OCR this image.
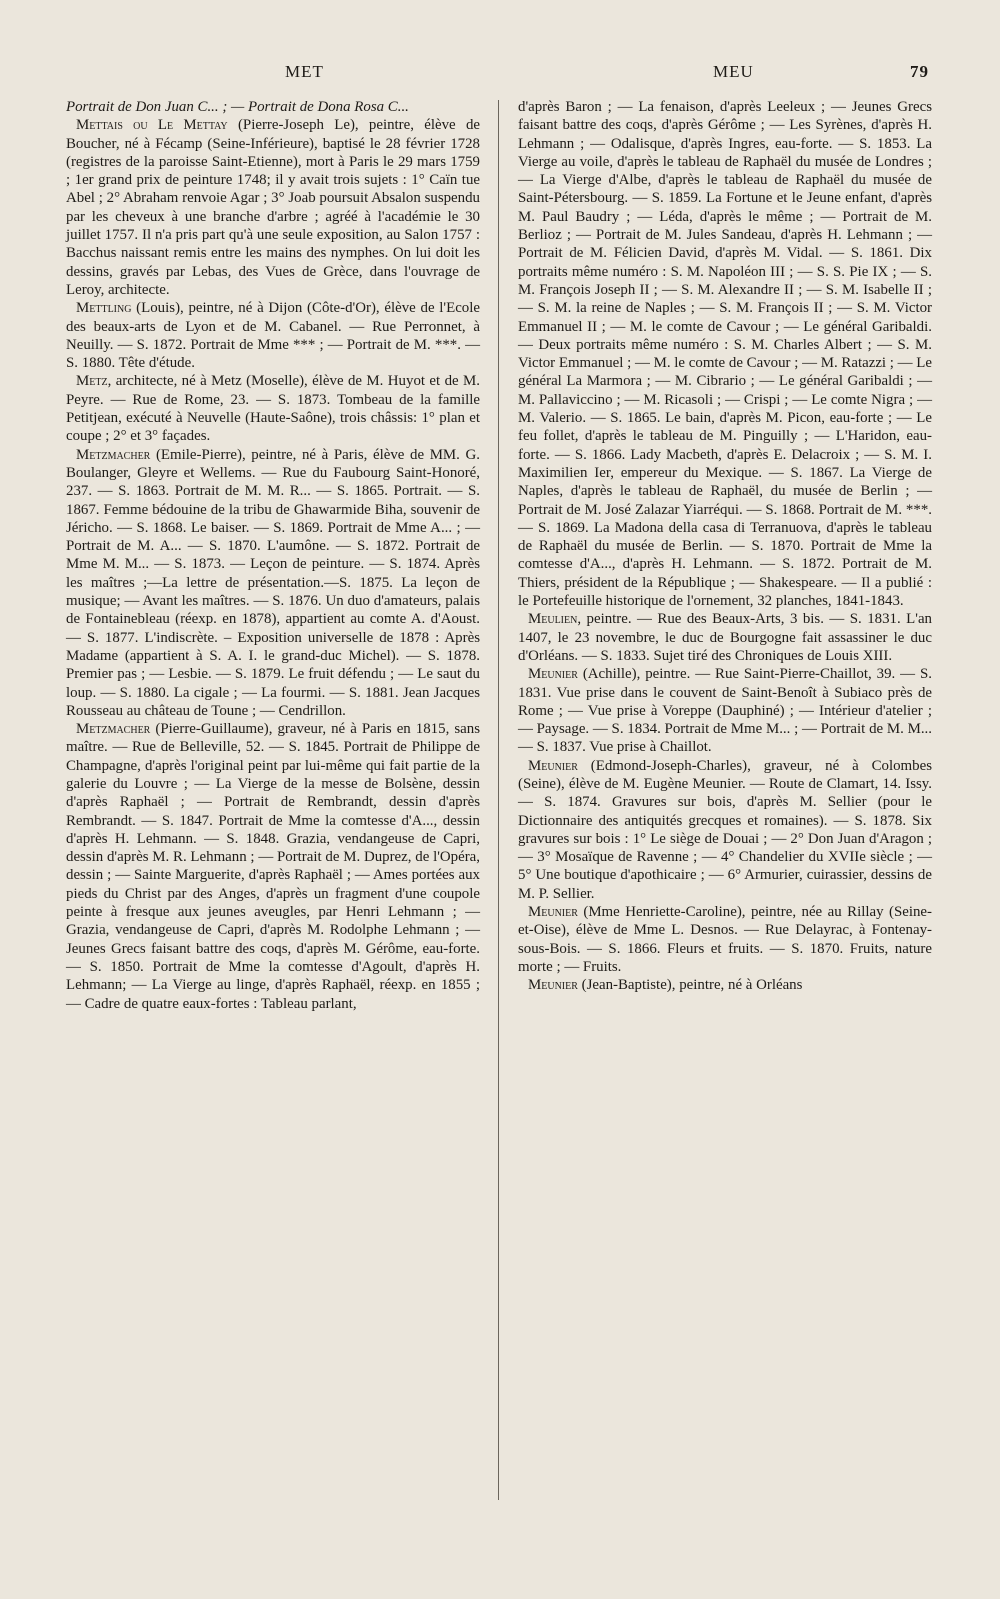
MET	MEU	79

Portrait de Don Juan C... ; — Portrait de Dona Rosa C...

Mettais ou Le Mettay (Pierre-Joseph Le), peintre, élève de Boucher, né à Fécamp (Seine-Inférieure), baptisé le 28 février 1728 (registres de la paroisse Saint-Etienne), mort à Paris le 29 mars 1759 ; 1er grand prix de peinture 1748; il y avait trois sujets : 1° Caïn tue Abel ; 2° Abraham renvoie Agar ; 3° Joab poursuit Absalon suspendu par les cheveux à une branche d'arbre ; agréé à l'académie le 30 juillet 1757. Il n'a pris part qu'à une seule exposition, au Salon 1757 : Bacchus naissant remis entre les mains des nymphes. On lui doit les dessins, gravés par Lebas, des Vues de Grèce, dans l'ouvrage de Leroy, architecte.

Mettling (Louis), peintre, né à Dijon (Côte-d'Or), élève de l'Ecole des beaux-arts de Lyon et de M. Cabanel. — Rue Perronnet, à Neuilly. — S. 1872. Portrait de Mme *** ; — Portrait de M. ***. — S. 1880. Tête d'étude.

Metz, architecte, né à Metz (Moselle), élève de M. Huyot et de M. Peyre. — Rue de Rome, 23. — S. 1873. Tombeau de la famille Petitjean, exécuté à Neuvelle (Haute-Saône), trois châssis: 1° plan et coupe ; 2° et 3° façades.

Metzmacher (Emile-Pierre), peintre, né à Paris, élève de MM. G. Boulanger, Gleyre et Wellems. — Rue du Faubourg Saint-Honoré, 237. — S. 1863. Portrait de M. M. R... — S. 1865. Portrait. — S. 1867. Femme bédouine de la tribu de Ghawarmide Biha, souvenir de Jéricho. — S. 1868. Le baiser. — S. 1869. Portrait de Mme A... ; — Portrait de M. A... — S. 1870. L'aumône. — S. 1872. Portrait de Mme M. M... — S. 1873. — Leçon de peinture. — S. 1874. Après les maîtres ;—La lettre de présentation.—S. 1875. La leçon de musique; — Avant les maîtres. — S. 1876. Un duo d'amateurs, palais de Fontainebleau (réexp. en 1878), appartient au comte A. d'Aoust. — S. 1877. L'indiscrète. – Exposition universelle de 1878 : Après Madame (appartient à S. A. I. le grand-duc Michel). — S. 1878. Premier pas ; — Lesbie. — S. 1879. Le fruit défendu ; — Le saut du loup. — S. 1880. La cigale ; — La fourmi. — S. 1881. Jean Jacques Rousseau au château de Toune ; — Cendrillon.

Metzmacher (Pierre-Guillaume), graveur, né à Paris en 1815, sans maître. — Rue de Belleville, 52. — S. 1845. Portrait de Philippe de Champagne, d'après l'original peint par lui-même qui fait partie de la galerie du Louvre ; — La Vierge de la messe de Bolsène, dessin d'après Raphaël ; — Portrait de Rembrandt, dessin d'après Rembrandt. — S. 1847. Portrait de Mme la comtesse d'A..., dessin d'après H. Lehmann. — S. 1848. Grazia, vendangeuse de Capri, dessin d'après M. R. Lehmann ; — Portrait de M. Duprez, de l'Opéra, dessin ; — Sainte Marguerite, d'après Raphaël ; — Ames portées aux pieds du Christ par des Anges, d'après un fragment d'une coupole peinte à fresque aux jeunes aveugles, par Henri Lehmann ; — Grazia, vendangeuse de Capri, d'après M. Rodolphe Lehmann ; — Jeunes Grecs faisant battre des coqs, d'après M. Gérôme, eau-forte. — S. 1850. Portrait de Mme la comtesse d'Agoult, d'après H. Lehmann; — La Vierge au linge, d'après Raphaël, réexp. en 1855 ; — Cadre de quatre eaux-fortes : Tableau parlant,

d'après Baron ; — La fenaison, d'après Leeleux ; — Jeunes Grecs faisant battre des coqs, d'après Gérôme ; — Les Syrènes, d'après H. Lehmann ; — Odalisque, d'après Ingres, eau-forte. — S. 1853. La Vierge au voile, d'après le tableau de Raphaël du musée de Londres ; — La Vierge d'Albe, d'après le tableau de Raphaël du musée de Saint-Pétersbourg. — S. 1859. La Fortune et le Jeune enfant, d'après M. Paul Baudry ; — Léda, d'après le même ; — Portrait de M. Berlioz ; — Portrait de M. Jules Sandeau, d'après H. Lehmann ; — Portrait de M. Félicien David, d'après M. Vidal. — S. 1861. Dix portraits même numéro : S. M. Napoléon III ; — S. S. Pie IX ; — S. M. François Joseph II ; — S. M. Alexandre II ; — S. M. Isabelle II ; — S. M. la reine de Naples ; — S. M. François II ; — S. M. Victor Emmanuel II ; — M. le comte de Cavour ; — Le général Garibaldi. — Deux portraits même numéro : S. M. Charles Albert ; — S. M. Victor Emmanuel ; — M. le comte de Cavour ; — M. Ratazzi ; — Le général La Marmora ; — M. Cibrario ; — Le général Garibaldi ; — M. Pallaviccino ; — M. Ricasoli ; — Crispi ; — Le comte Nigra ; — M. Valerio. — S. 1865. Le bain, d'après M. Picon, eau-forte ; — Le feu follet, d'après le tableau de M. Pinguilly ; — L'Haridon, eau-forte. — S. 1866. Lady Macbeth, d'après E. Delacroix ; — S. M. I. Maximilien Ier, empereur du Mexique. — S. 1867. La Vierge de Naples, d'après le tableau de Raphaël, du musée de Berlin ; — Portrait de M. José Zalazar Yiarréqui. — S. 1868. Portrait de M. ***. — S. 1869. La Madona della casa di Terranuova, d'après le tableau de Raphaël du musée de Berlin. — S. 1870. Portrait de Mme la comtesse d'A..., d'après H. Lehmann. — S. 1872. Portrait de M. Thiers, président de la République ; — Shakespeare. — Il a publié : le Portefeuille historique de l'ornement, 32 planches, 1841-1843.

Meulien, peintre. — Rue des Beaux-Arts, 3 bis. — S. 1831. L'an 1407, le 23 novembre, le duc de Bourgogne fait assassiner le duc d'Orléans. — S. 1833. Sujet tiré des Chroniques de Louis XIII.

Meunier (Achille), peintre. — Rue Saint-Pierre-Chaillot, 39. — S. 1831. Vue prise dans le couvent de Saint-Benoît à Subiaco près de Rome ; — Vue prise à Voreppe (Dauphiné) ; — Intérieur d'atelier ; — Paysage. — S. 1834. Portrait de Mme M... ; — Portrait de M. M... — S. 1837. Vue prise à Chaillot.

Meunier (Edmond-Joseph-Charles), graveur, né à Colombes (Seine), élève de M. Eugène Meunier. — Route de Clamart, 14. Issy. — S. 1874. Gravures sur bois, d'après M. Sellier (pour le Dictionnaire des antiquités grecques et romaines). — S. 1878. Six gravures sur bois : 1° Le siège de Douai ; — 2° Don Juan d'Aragon ; — 3° Mosaïque de Ravenne ; — 4° Chandelier du XVIIe siècle ; — 5° Une boutique d'apothicaire ; — 6° Armurier, cuirassier, dessins de M. P. Sellier.

Meunier (Mme Henriette-Caroline), peintre, née au Rillay (Seine-et-Oise), élève de Mme L. Desnos. — Rue Delayrac, à Fontenay-sous-Bois. — S. 1866. Fleurs et fruits. — S. 1870. Fruits, nature morte ; — Fruits.

Meunier (Jean-Baptiste), peintre, né à Orléans
